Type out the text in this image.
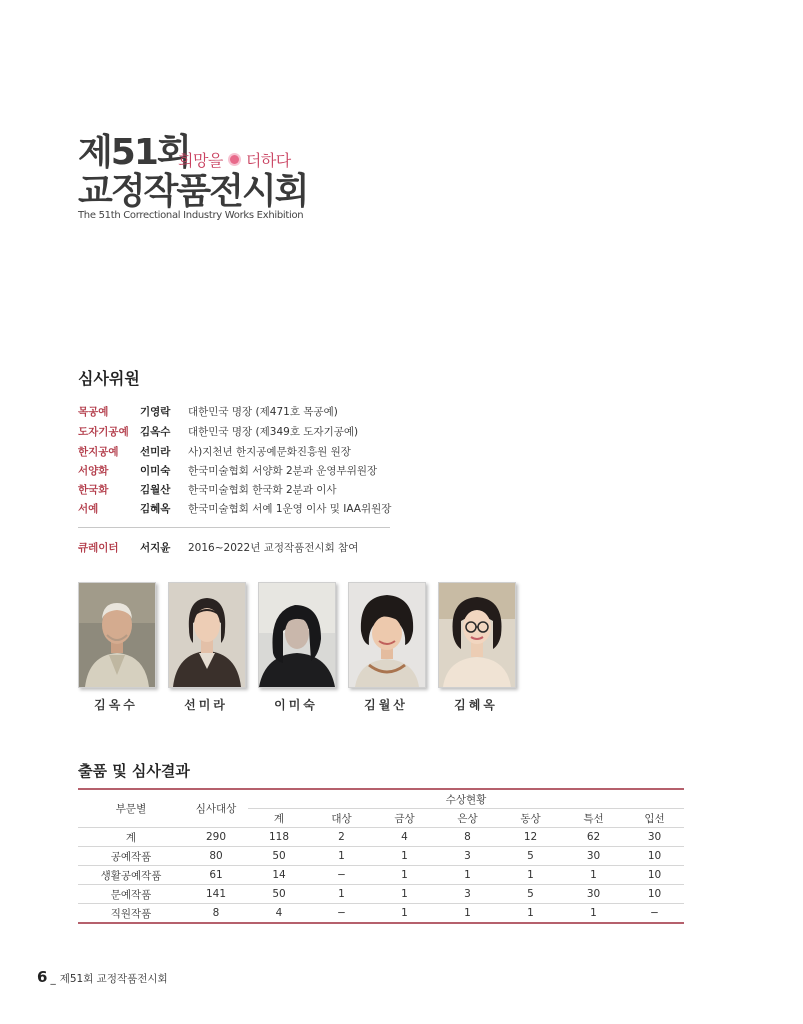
제51회
희망을 더하다
교정작품전시회
The 51th Correctional Industry Works Exhibition
심사위원
목공예	기영락 대한민국 명장 (제471호 목공예)
도자기공예 김옥수 대한민국 명장 (제349호 도자기공예)
한지공예 선미라 사)지천년 한지공예문화진흥원 원장
서양화	이미숙 한국미술협회 서양화 2분과 운영부위원장
한국화	김월산 한국미술협회 한국화 2분과 이사
서예	김혜옥 한국미술협회 서예 1운영 이사 및 IAA위원장
큐레이터 서지윤 2016~2022년 교정작품전시회 참여
김옥수	선미라	이미숙	김월산	김혜옥
출품 및 심사결과
부문별	심사대상	수상현황						
		계	대상	금상	은상	동상	특선	입선
계	290	118	2	4	8	12	62	30
공예작품	80	50	1	1	3	5	30	10
생활공예작품	61	14	−	1	1	1	1	10
문예작품	141	50	1	1	3	5	30	10
직원작품	8	4	−	1	1	1	1	−
6 _ 제51회 교정작품전시회
